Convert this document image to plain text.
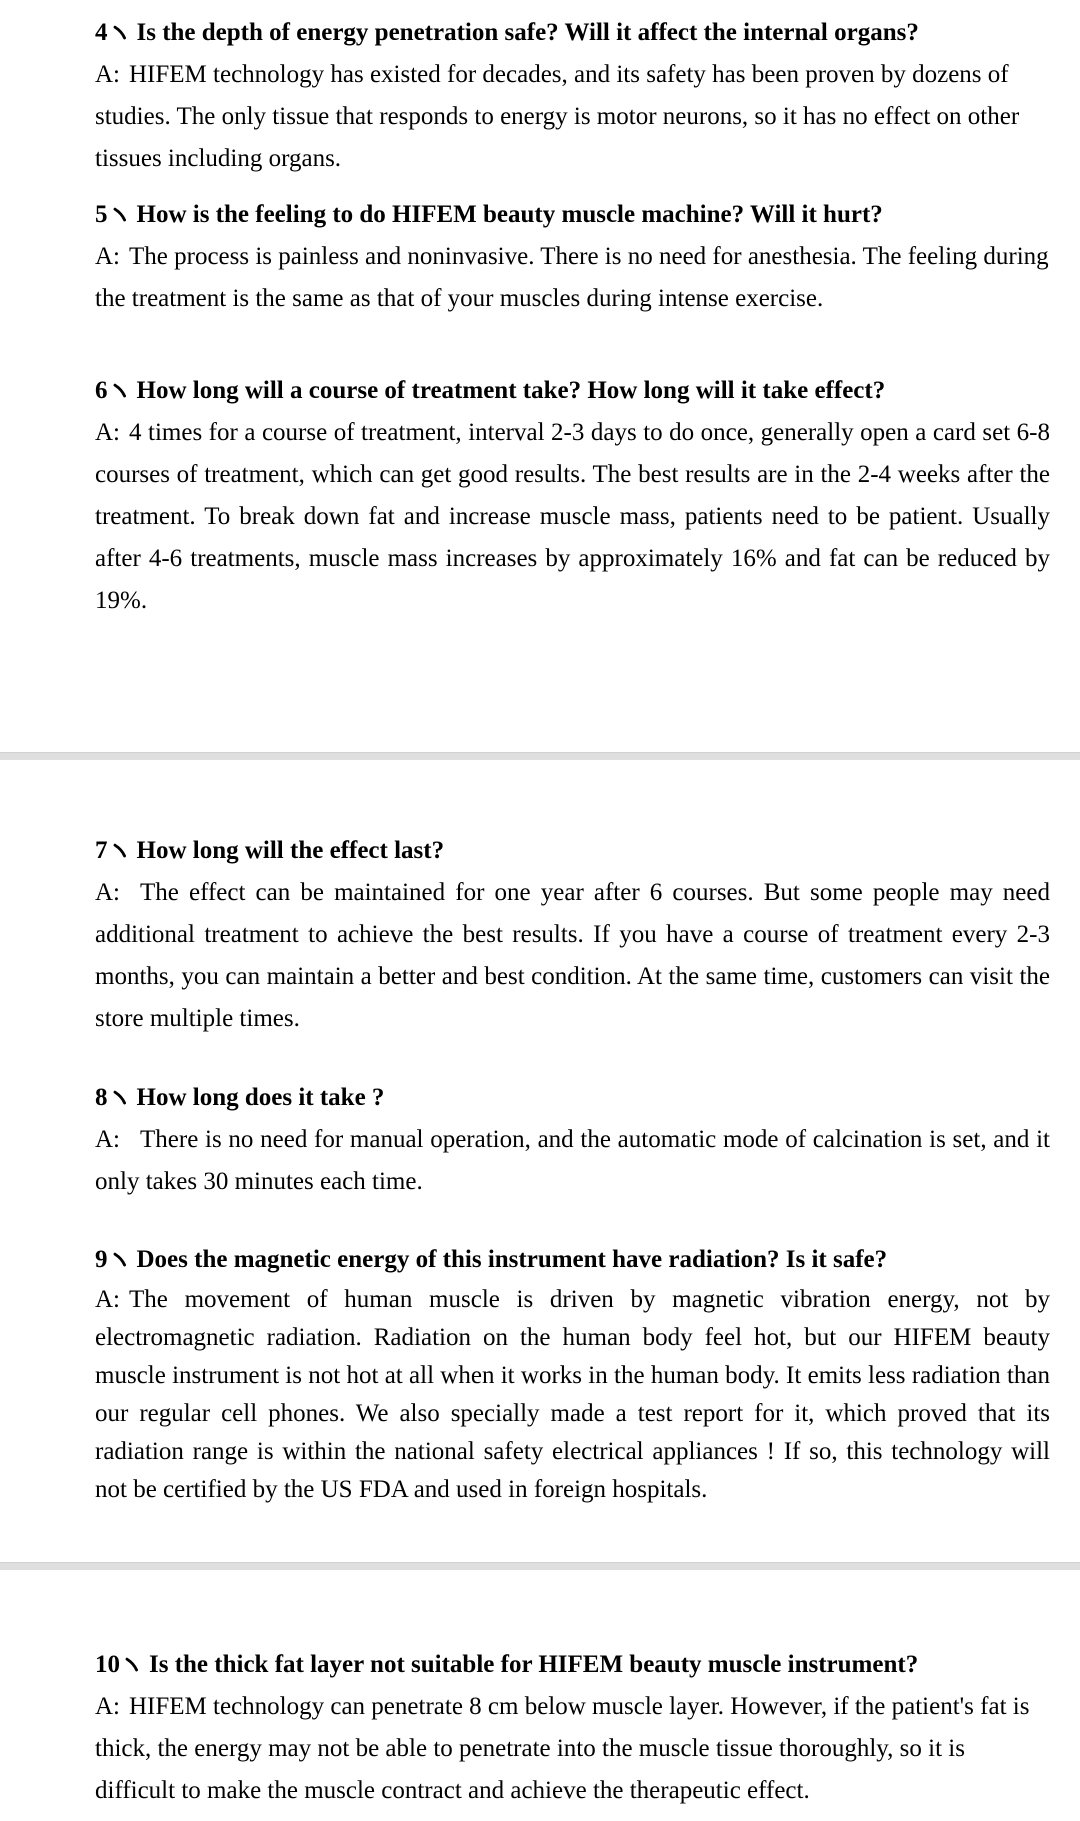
4 Is the depth of energy penetration safe? Will it affect the internal organs?

A: HIFEM technology has existed for decades, and its safety has been proven by dozens of studies. The only tissue that responds to energy is motor neurons, so it has no effect on other tissues including organs.

5 How is the feeling to do HIFEM beauty muscle machine? Will it hurt?

A: The process is painless and noninvasive. There is no need for anesthesia. The feeling during the treatment is the same as that of your muscles during intense exercise.

6 How long will a course of treatment take? How long will it take effect?

A: 4 times for a course of treatment, interval 2-3 days to do once, generally open a card set 6-8 courses of treatment, which can get good results. The best results are in the 2-4 weeks after the treatment. To break down fat and increase muscle mass, patients need to be patient. Usually after 4-6 treatments, muscle mass increases by approximately 16% and fat can be reduced by 19%.

7 How long will the effect last?

A: The effect can be maintained for one year after 6 courses. But some people may need additional treatment to achieve the best results. If you have a course of treatment every 2-3 months, you can maintain a better and best condition. At the same time, customers can visit the store multiple times.

8 How long does it take ?

A: There is no need for manual operation, and the automatic mode of calcination is set, and it only takes 30 minutes each time.

9 Does the magnetic energy of this instrument have radiation? Is it safe?

A: The movement of human muscle is driven by magnetic vibration energy, not by electromagnetic radiation. Radiation on the human body feel hot, but our HIFEM beauty muscle instrument is not hot at all when it works in the human body. It emits less radiation than our regular cell phones. We also specially made a test report for it, which proved that its radiation range is within the national safety electrical appliances ! If so, this technology will not be certified by the US FDA and used in foreign hospitals.

10 Is the thick fat layer not suitable for HIFEM beauty muscle instrument?

A: HIFEM technology can penetrate 8 cm below muscle layer. However, if the patient's fat is thick, the energy may not be able to penetrate into the muscle tissue thoroughly, so it is difficult to make the muscle contract and achieve the therapeutic effect.
